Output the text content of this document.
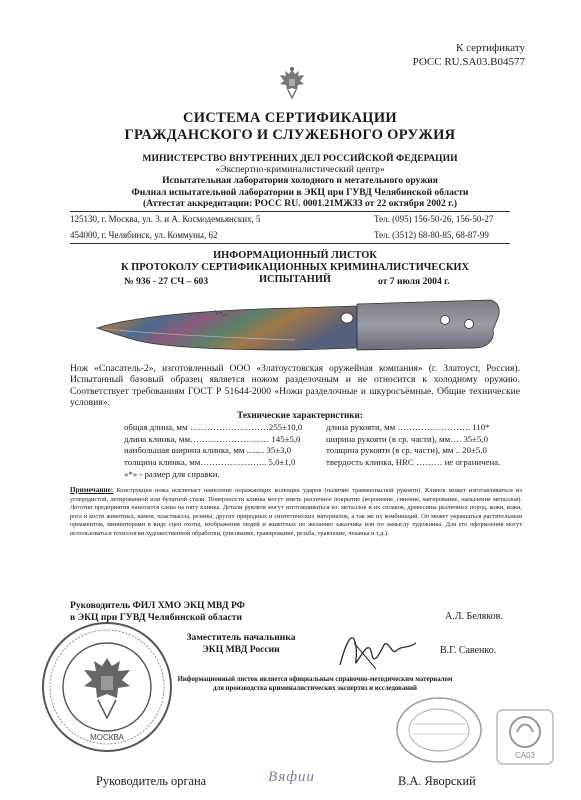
К сертификату
РОСС RU.SA03.В04577
СИСТЕМА СЕРТИФИКАЦИИ
ГРАЖДАНСКОГО И СЛУЖЕБНОГО ОРУЖИЯ
МИНИСТЕРСТВО ВНУТРЕННИХ ДЕЛ РОССИЙСКОЙ ФЕДЕРАЦИИ
«Экспертно-криминалистический центр»
Испытательная лаборатория холодного и метательного оружия
Филиал испытательной лаборатории в ЭКЦ при ГУВД Челябинской области
(Аттестат аккредитации: РОСС RU. 0001.21МЖЗЗ от 22 октября 2002 г.)
125130, г. Москва, ул. 3. и А. Космодемьянских, 5	Тел. (095) 156-50-26, 156-50-27
454000, г. Челябинск, ул. Коммуны, 62	Тел. (3512) 68-80-85, 68-87-99
ИНФОРМАЦИОННЫЙ ЛИСТОК
К ПРОТОКОЛУ СЕРТИФИКАЦИОННЫХ КРИМИНАЛИСТИЧЕСКИХ ИСПЫТАНИЙ
№ 936 - 27 СЧ – 603	от 7 июля 2004 г.
Нож «Спасатель-2», изготовленный ООО «Златоустовская оружейная компания» (г. Златоуст, Россия). Испытанный базовый образец является ножом разделочным и не относится к холодному оружию. Соответствует требованиям ГОСТ Р 51644-2000 «Ножи разделочные и шкуросъёмные. Общие технические условия».
Технические характеристики:
общая длина, мм ………………………255±10,0
длина клинка, мм……………………… 145±5,0
наибольшая ширина клинка, мм ........ 35±3,0
толщина клинка, мм………………….. 5,0±1,0
длина рукояти, мм ……………………. 110*
ширина рукояти (в ср. части), мм…. 35±5,0
толщина рукояти (в ср. части), мм .. 20±5,0
твердость клинка, HRC ……… не ограничена.
«*» - размер для справки.
Примечание: Конструкция ножа исключает нанесение поражающих колющих ударов (наличие травмоопасной рукояти). Клинок может изготавливаться из углеродистой, легированной или булатной стали. Поверхности клинка могут иметь различное покрытие (воронение, синение, матирование, напыление металлов). Логотип предприятия наносится слева на пяту клинка. Детали рукояти могут изготавливаться из: металлов и их сплавов, древесины различных пород, кожи, кожи, рога и кости животных, камня, пластмассы, резины, других природных и синтетических материалов, а так же их комбинаций. Он может украшаться растительным орнаментом, миниатюрами в виде сцен охоты, изображения людей и животных по желанию заказчика или по замыслу художника. Для его оформления могут использоваться технологии художественной обработки, (рисование, гравирование, резьба, травление, чеканка и т.д.).
Руководитель ФИЛ ХМО ЭКЦ МВД РФ
в ЭКЦ при ГУВД Челябинской области	А.Л. Беляков.
Заместитель начальника
ЭКЦ МВД России	В.Г. Савенко.
МОСКВА
Информационный листок является официальным справочно-методическим материалом
для производства криминалистических экспертиз и исследований
СА03
Руководитель органа	Вяфии	В.А. Яворский
